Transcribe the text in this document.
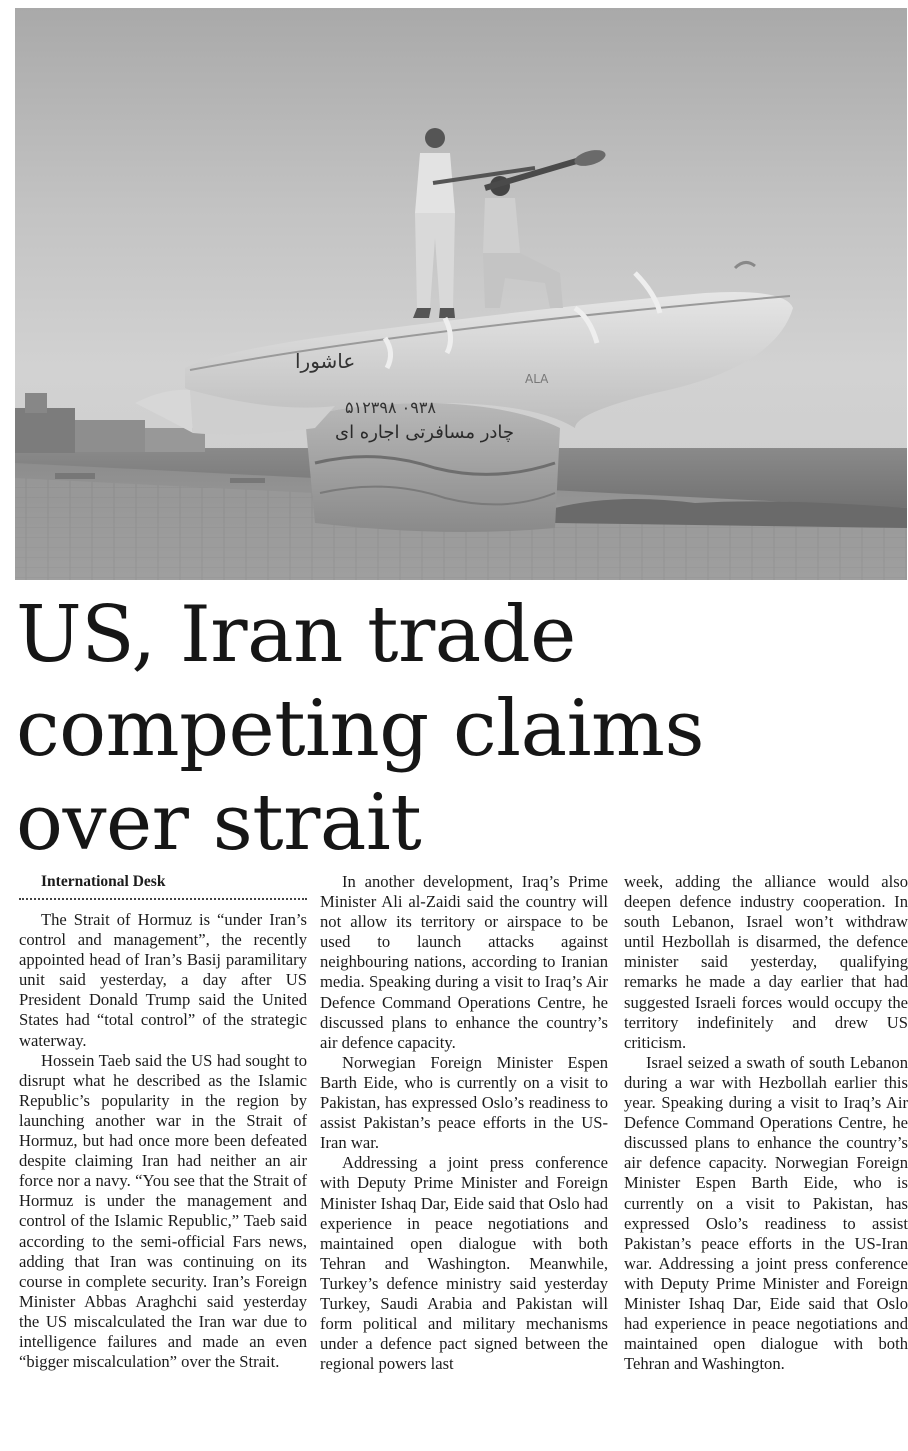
عاشورا
۵۱۲۳۹۸ ۰۹۳۸
چادر مسافرتی اجاره ای
ALA
US, Iran trade
competing claims
over strait

International Desk

The Strait of Hormuz is “under Iran’s control and management”, the recently appointed head of Iran’s Basij paramilitary unit said yesterday, a day after US President Donald Trump said the United States had “total control” of the strategic waterway.

Hossein Taeb said the US had sought to disrupt what he described as the Islamic Republic’s popularity in the region by launching another war in the Strait of Hormuz, but had once more been defeated despite claiming Iran had neither an air force nor a navy. “You see that the Strait of Hormuz is under the management and control of the Islamic Republic,” Taeb said according to the semi-official Fars news, adding that Iran was continuing on its course in complete security. Iran’s Foreign Minister Abbas Araghchi said yesterday the US miscalculated the Iran war due to intelligence failures and made an even “bigger miscalculation” over the Strait.

In another development, Iraq’s Prime Minister Ali al-Zaidi said the country will not allow its territory or airspace to be used to launch attacks against neighbouring nations, according to Iranian media. Speaking during a visit to Iraq’s Air Defence Command Operations Centre, he discussed plans to enhance the country’s air defence capacity.

Norwegian Foreign Minister Espen Barth Eide, who is currently on a visit to Pakistan, has expressed Oslo’s readiness to assist Pakistan’s peace efforts in the US-Iran war.

Addressing a joint press conference with Deputy Prime Minister and Foreign Minister Ishaq Dar, Eide said that Oslo had experience in peace negotiations and maintained open dialogue with both Tehran and Washington. Meanwhile, Turkey’s defence ministry said yesterday Turkey, Saudi Arabia and Pakistan will form political and military mechanisms under a defence pact signed between the regional powers last

week, adding the alliance would also deepen defence industry cooperation. In south Lebanon, Israel won’t withdraw until Hezbollah is disarmed, the defence minister said yesterday, qualifying remarks he made a day earlier that had suggested Israeli forces would occupy the territory indefinitely and drew US criticism.

Israel seized a swath of south Lebanon during a war with Hezbollah earlier this year. Speaking during a visit to Iraq’s Air Defence Command Operations Centre, he discussed plans to enhance the country’s air defence capacity. Norwegian Foreign Minister Espen Barth Eide, who is currently on a visit to Pakistan, has expressed Oslo’s readiness to assist Pakistan’s peace efforts in the US-Iran war. Addressing a joint press conference with Deputy Prime Minister and Foreign Minister Ishaq Dar, Eide said that Oslo had experience in peace negotiations and maintained open dialogue with both Tehran and Washington.
